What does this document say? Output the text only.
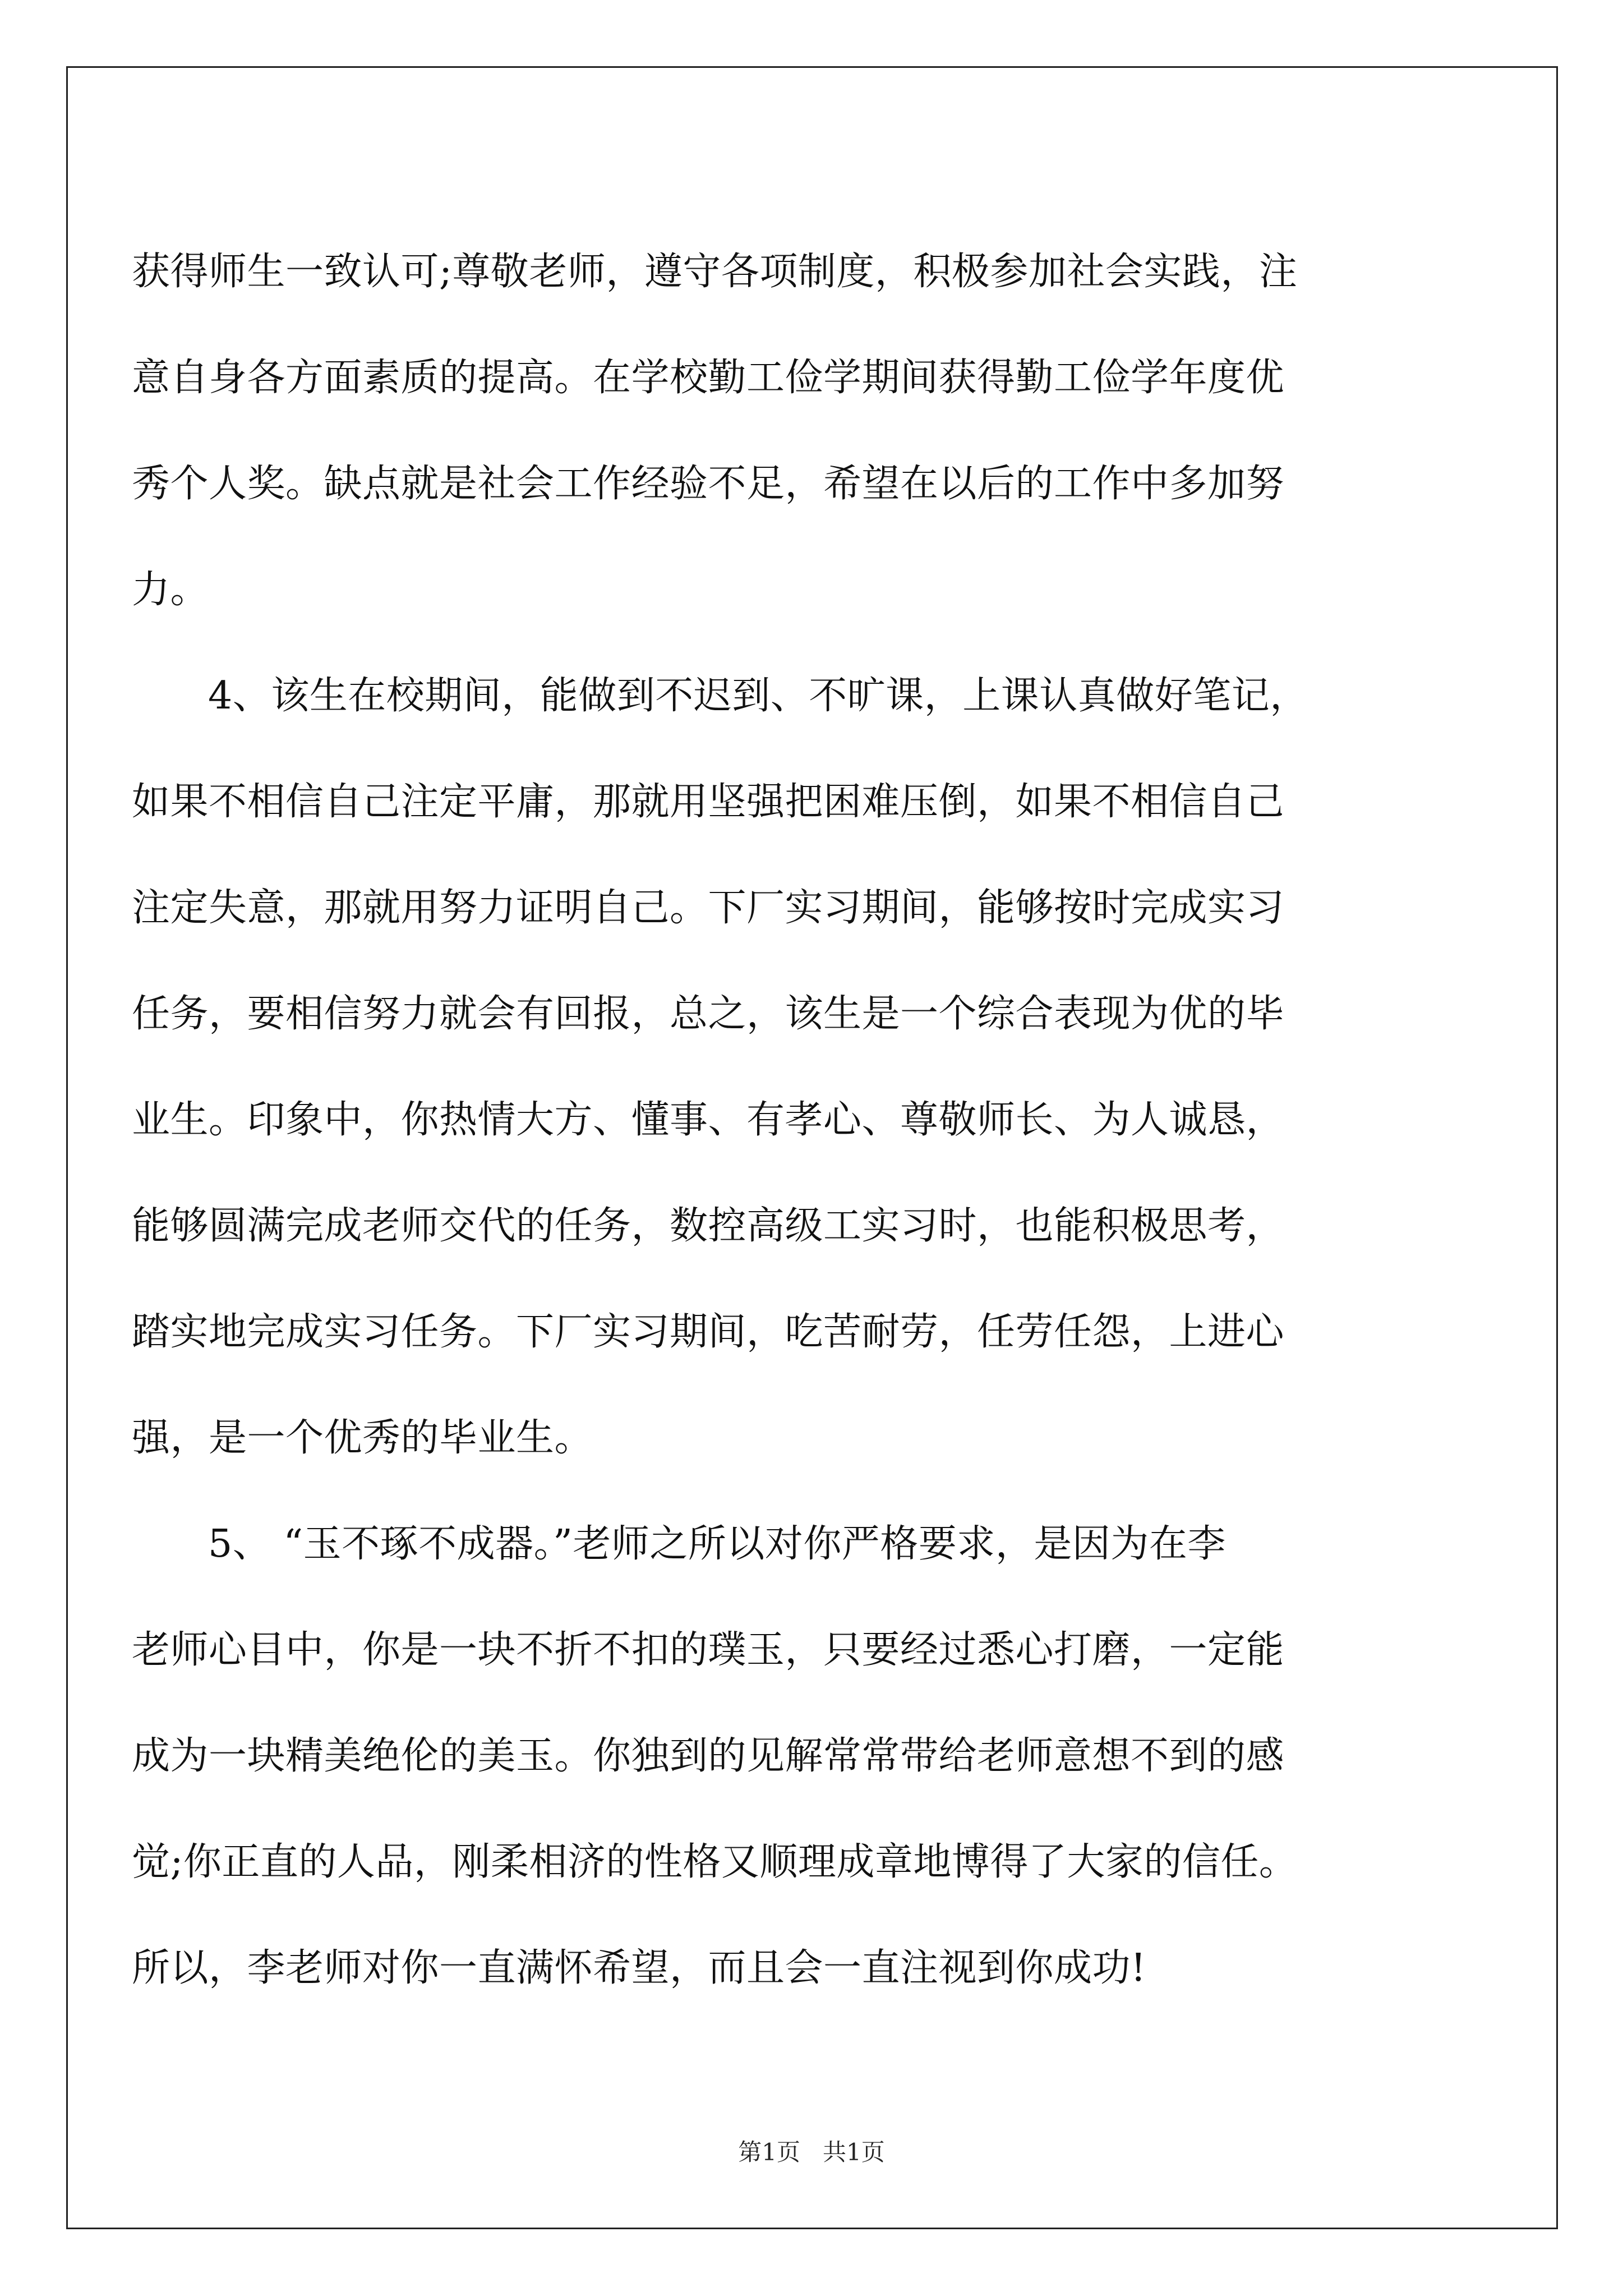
获得师生一致认可;尊敬老师，遵守各项制度，积极参加社会实践，注
意自身各方面素质的提高。在学校勤工俭学期间获得勤工俭学年度优
秀个人奖。缺点就是社会工作经验不足，希望在以后的工作中多加努
力。
4、该生在校期间，能做到不迟到、不旷课，上课认真做好笔记，
如果不相信自己注定平庸，那就用坚强把困难压倒，如果不相信自己
注定失意，那就用努力证明自己。下厂实习期间，能够按时完成实习
任务，要相信努力就会有回报，总之，该生是一个综合表现为优的毕
业生。印象中，你热情大方、懂事、有孝心、尊敬师长、为人诚恳，
能够圆满完成老师交代的任务，数控高级工实习时，也能积极思考，
踏实地完成实习任务。下厂实习期间，吃苦耐劳，任劳任怨，上进心
强，是一个优秀的毕业生。
5、 “玉不琢不成器。”老师之所以对你严格要求，是因为在李
老师心目中，你是一块不折不扣的璞玉，只要经过悉心打磨，一定能
成为一块精美绝伦的美玉。你独到的见解常常带给老师意想不到的感
觉;你正直的人品，刚柔相济的性格又顺理成章地博得了大家的信任。
所以，李老师对你一直满怀希望，而且会一直注视到你成功!
第1页   共1页
